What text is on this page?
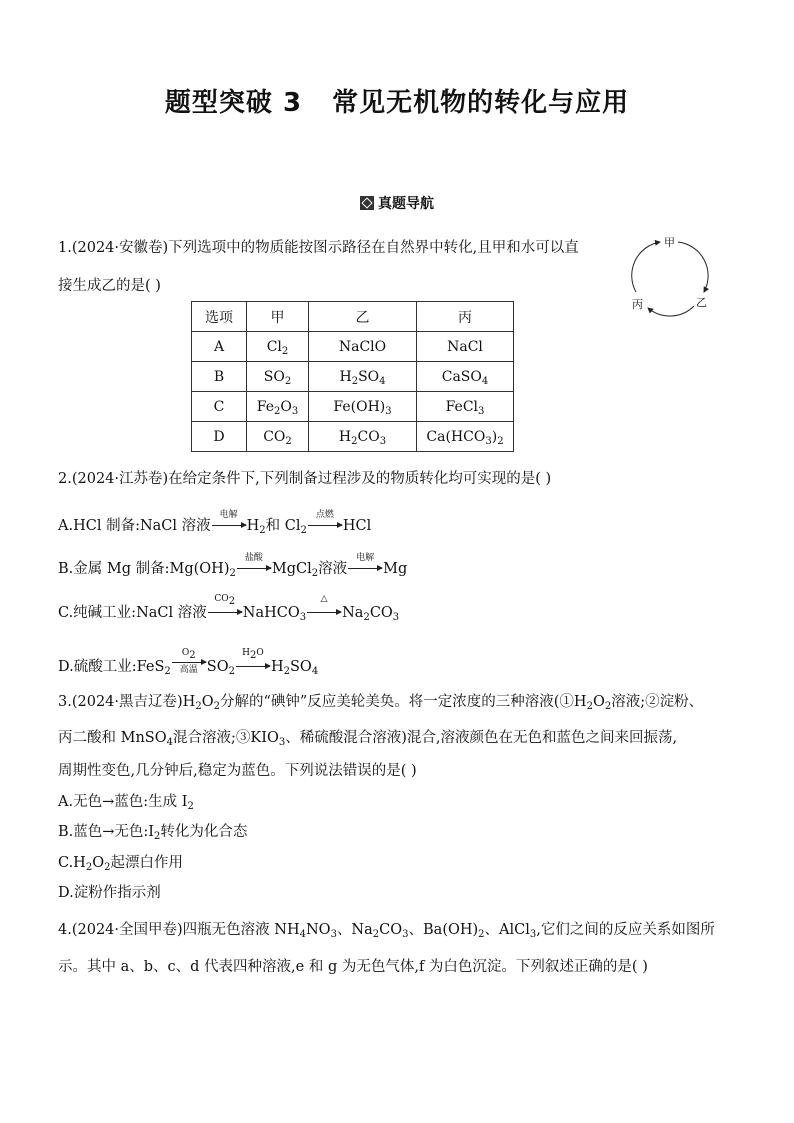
题型突破 3 常见无机物的转化与应用
真题导航
1.(2024·安徽卷)下列选项中的物质能按图示路径在自然界中转化,且甲和水可以直
接生成乙的是( )
甲
乙
丙
选项	甲	乙	丙
A	$Cl_2$	NaClO	NaCl
B	$SO_2$	$H_2SO_4$	CaSO$_4$
C	$Fe_2O_3$	$Fe(OH)_3$	FeCl$_3$
D	$CO_2$	$H_2CO_3$	$Ca(HCO_3)_2$
2.(2024·江苏卷)在给定条件下,下列制备过程涉及的物质转化均可实现的是( )
A.HCl 制备:NaCl 溶液
电解
$H_2$和 $Cl_2$
点燃
HCl
B.金属 Mg 制备$:Mg(OH)_2$
盐酸
MgCl$_2$溶液
电解
Mg
C.纯碱工业:NaCl 溶液
$CO_2$
NaHCO$_3$
△
$Na_2CO_3$
D.硫酸工业:FeS$_2$
$O_2$
高温 $SO_2$
$H_2O$
$H_2SO_4$
3.(2024·黑吉辽卷)$H_2O_2$分解的“碘钟”反应美轮美奂。将一定浓度的三种溶液($①H_2O_2$溶液;②淀粉、
丙二酸和 MnSO$_4$混合溶液$;③KIO_3$、稀硫酸混合溶液)混合,溶液颜色在无色和蓝色之间来回振荡,
周期性变色,几分钟后,稳定为蓝色。下列说法错误的是( )
A.无色→蓝色:生成 $I_2$
B.蓝色→无色$:I_2$转化为化合态
$C.H_2O_2$起漂白作用
D.淀粉作指示剂
4.(2024·全国甲卷)四瓶无色溶液 $NH_4NO_3$、$Na_2CO_3$、$Ba(OH)_2$、AlCl$_3$,它们之间的反应关系如图所
示。其中 a、b、c、d 代表四种溶液,e 和 g 为无色气体,f 为白色沉淀。下列叙述正确的是( )
